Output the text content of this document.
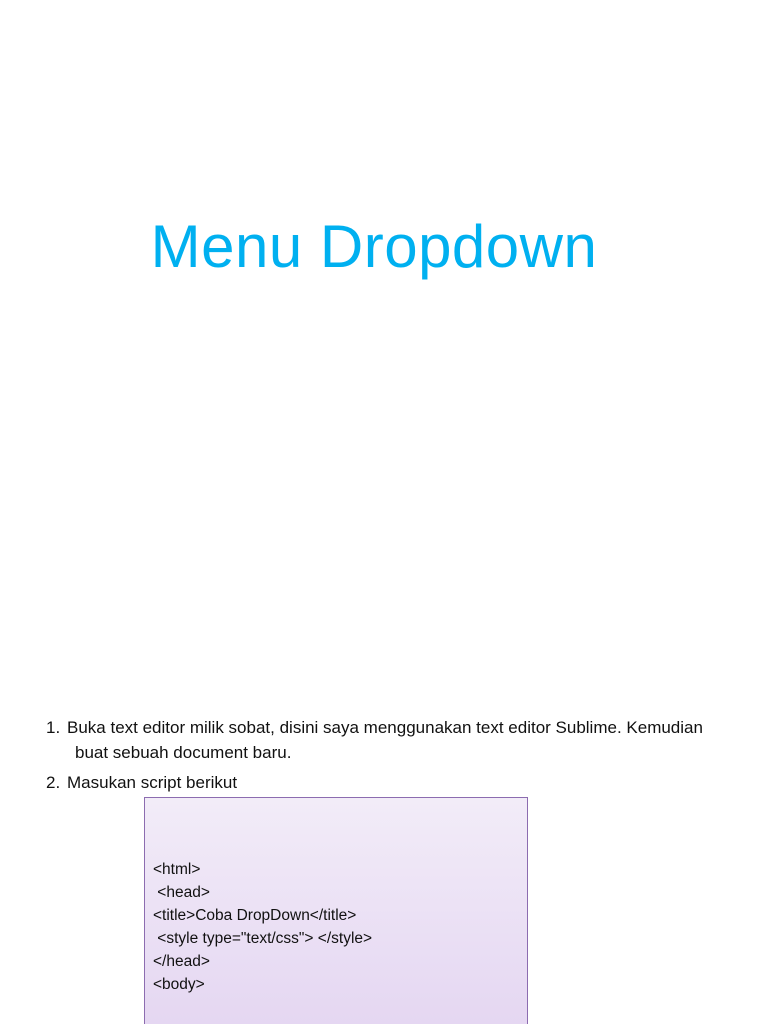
Menu Dropdown
1. Buka text editor milik sobat, disini saya menggunakan text editor Sublime. Kemudian buat sebuah document baru.
2. Masukan script berikut
<html>
<head>
<title>Coba DropDown</title>
<style type="text/css"> </style>
</head>
<body>
